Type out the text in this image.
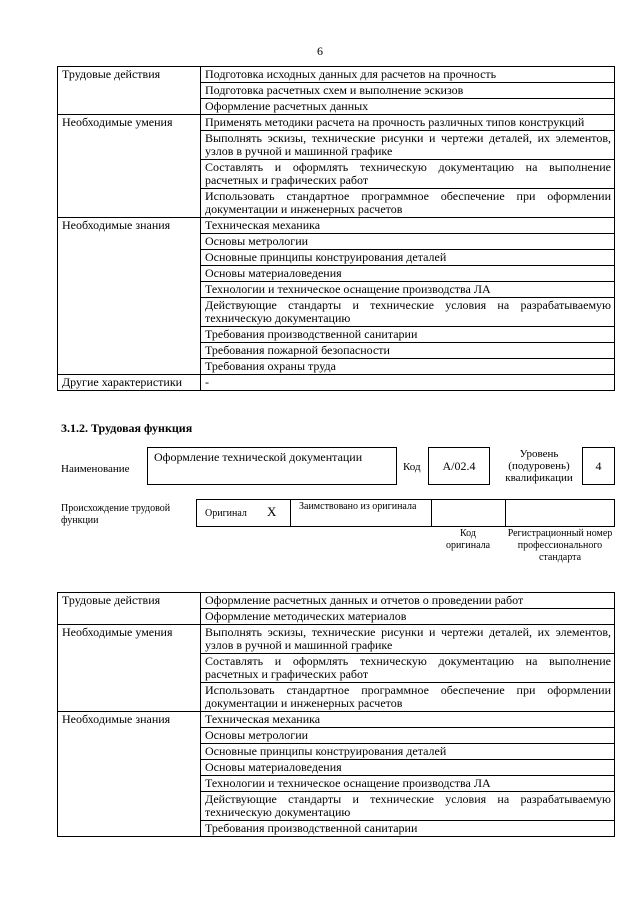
6
Трудовые действия	Подготовка исходных данных для расчетов на прочность
	Подготовка расчетных схем и выполнение эскизов
	Оформление расчетных данных
Необходимые умения	Применять методики расчета на прочность различных типов конструкций
	Выполнять эскизы, технические рисунки и чертежи деталей, их элементов, узлов в ручной и машинной графике
	Составлять и оформлять техническую документацию на выполнение расчетных и графических работ
	Использовать стандартное программное обеспечение при оформлении документации и инженерных расчетов
Необходимые знания	Техническая механика
	Основы метрологии
	Основные принципы конструирования деталей
	Основы материаловедения
	Технологии и техническое оснащение производства ЛА
	Действующие стандарты и технические условия на разрабатываемую техническую документацию
	Требования производственной санитарии
	Требования пожарной безопасности
	Требования охраны труда
Другие характеристики	-
3.1.2. Трудовая функция
Наименование
Оформление технической документации
Код	А/02.4
Уровень (подуровень) квалификации
4
Происхождение трудовой функции
Оригинал X Заимствовано из оригинала
Код оригинала
Регистрационный номер профессионального стандарта
Трудовые действия	Оформление расчетных данных и отчетов о проведении работ
	Оформление методических материалов
Необходимые умения	Выполнять эскизы, технические рисунки и чертежи деталей, их элементов, узлов в ручной и машинной графике
	Составлять и оформлять техническую документацию на выполнение расчетных и графических работ
	Использовать стандартное программное обеспечение при оформлении документации и инженерных расчетов
Необходимые знания	Техническая механика
	Основы метрологии
	Основные принципы конструирования деталей
	Основы материаловедения
	Технологии и техническое оснащение производства ЛА
	Действующие стандарты и технические условия на разрабатываемую техническую документацию
	Требования производственной санитарии
